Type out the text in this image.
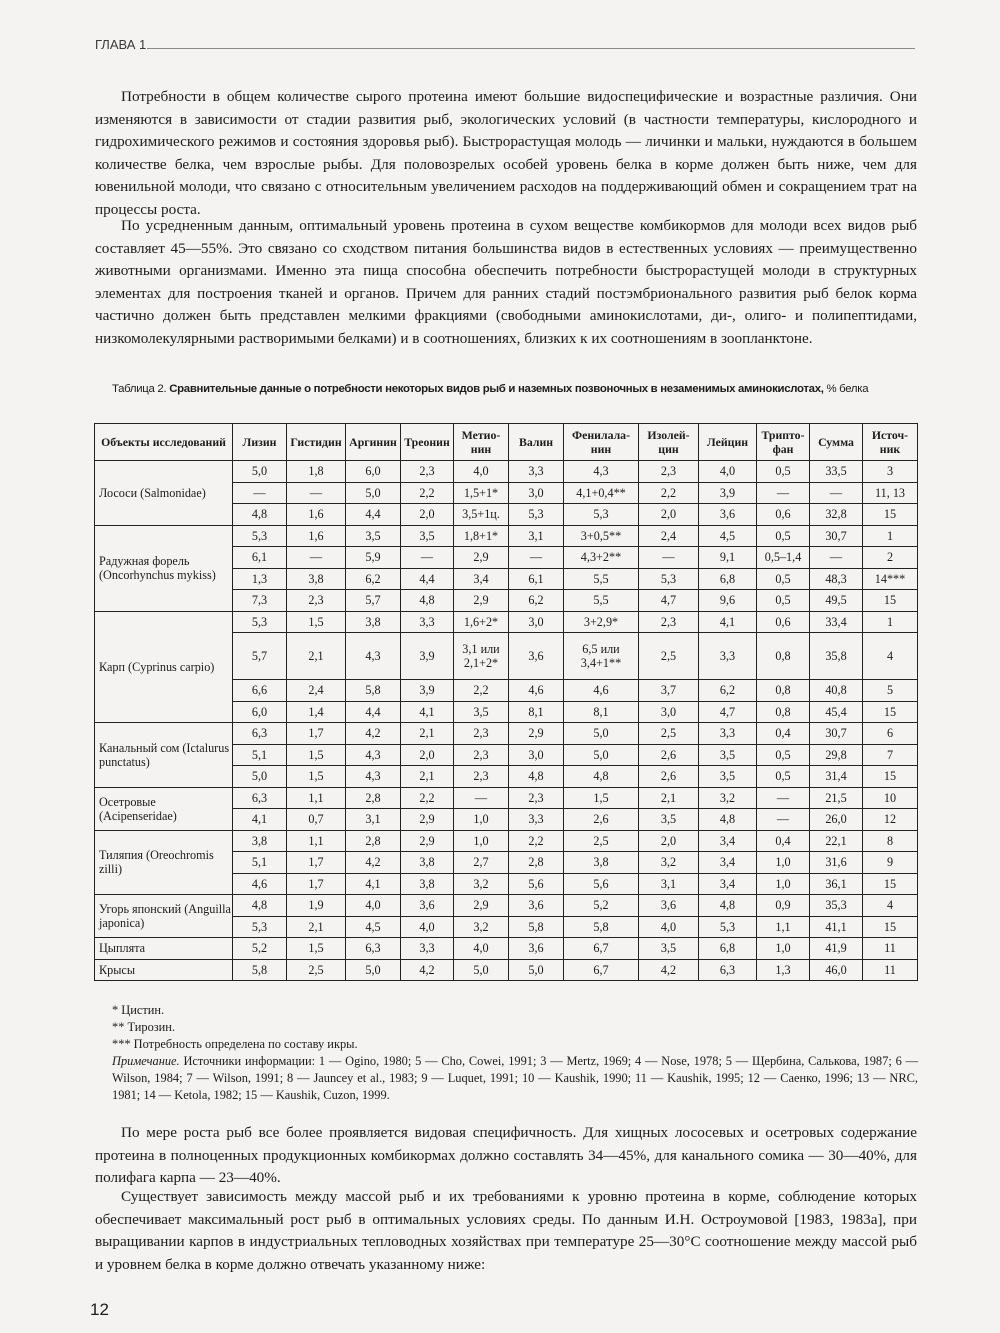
ГЛАВА 1

Потребности в общем количестве сырого протеина имеют большие видоспецифические и возрастные различия. Они изменяются в зависимости от стадии развития рыб, экологических условий (в частности температуры, кислородного и гидрохимического режимов и состояния здоровья рыб). Быстрорастущая молодь — личинки и мальки, нуждаются в большем количестве белка, чем взрослые рыбы. Для половозрелых особей уровень белка в корме должен быть ниже, чем для ювенильной молоди, что связано с относительным увеличением расходов на поддерживающий обмен и сокращением трат на процессы роста.

По усредненным данным, оптимальный уровень протеина в сухом веществе комбикормов для молоди всех видов рыб составляет 45—55%. Это связано со сходством питания большинства видов в естественных условиях — преимущественно животными организмами. Именно эта пища способна обеспечить потребности быстрорастущей молоди в структурных элементах для построения тканей и органов. Причем для ранних стадий постэмбрионального развития рыб белок корма частично должен быть представлен мелкими фракциями (свободными аминокислотами, ди-, олиго- и полипептидами, низкомолекулярными растворимыми белками) и в соотношениях, близких к их соотношениям в зоопланктоне.

Таблица 2. Сравнительные данные о потребности некоторых видов рыб и наземных позвоночных в незаменимых аминокислотах, % белка
Объекты исследований	Лизин	Гистидин	Аргинин	Треонин	Метио-нин	Валин	Фенилала-нин	Изолей-цин	Лейцин	Трипто-фан	Сумма	Источ-ник
Лососи (Salmonidae)	5,0	1,8	6,0	2,3	4,0	3,3	4,3	2,3	4,0	0,5	33,5	3
	—	—	5,0	2,2	1,5+1*	3,0	4,1+0,4**	2,2	3,9	—	—	11, 13
	4,8	1,6	4,4	2,0	3,5+1ц.	5,3	5,3	2,0	3,6	0,6	32,8	15
Радужная форель (Oncorhynchus mykiss)	5,3	1,6	3,5	3,5	1,8+1*	3,1	3+0,5**	2,4	4,5	0,5	30,7	1
	6,1	—	5,9	—	2,9	—	4,3+2**	—	9,1	0,5–1,4	—	2
	1,3	3,8	6,2	4,4	3,4	6,1	5,5	5,3	6,8	0,5	48,3	14***
	7,3	2,3	5,7	4,8	2,9	6,2	5,5	4,7	9,6	0,5	49,5	15
Карп (Cyprinus carpio)	5,3	1,5	3,8	3,3	1,6+2*	3,0	3+2,9*	2,3	4,1	0,6	33,4	1
	5,7	2,1	4,3	3,9	3,1 или 2,1+2*	3,6	6,5 или 3,4+1**	2,5	3,3	0,8	35,8	4
	6,6	2,4	5,8	3,9	2,2	4,6	4,6	3,7	6,2	0,8	40,8	5
	6,0	1,4	4,4	4,1	3,5	8,1	8,1	3,0	4,7	0,8	45,4	15
Канальный сом (Ictalurus punctatus)	6,3	1,7	4,2	2,1	2,3	2,9	5,0	2,5	3,3	0,4	30,7	6
	5,1	1,5	4,3	2,0	2,3	3,0	5,0	2,6	3,5	0,5	29,8	7
	5,0	1,5	4,3	2,1	2,3	4,8	4,8	2,6	3,5	0,5	31,4	15
Осетровые (Acipenseridae)	6,3	1,1	2,8	2,2	—	2,3	1,5	2,1	3,2	—	21,5	10
	4,1	0,7	3,1	2,9	1,0	3,3	2,6	3,5	4,8	—	26,0	12
Тиляпия (Oreochromis zilli)	3,8	1,1	2,8	2,9	1,0	2,2	2,5	2,0	3,4	0,4	22,1	8
	5,1	1,7	4,2	3,8	2,7	2,8	3,8	3,2	3,4	1,0	31,6	9
	4,6	1,7	4,1	3,8	3,2	5,6	5,6	3,1	3,4	1,0	36,1	15
Угорь японский (Anguilla japonica)	4,8	1,9	4,0	3,6	2,9	3,6	5,2	3,6	4,8	0,9	35,3	4
	5,3	2,1	4,5	4,0	3,2	5,8	5,8	4,0	5,3	1,1	41,1	15
Цыплята	5,2	1,5	6,3	3,3	4,0	3,6	6,7	3,5	6,8	1,0	41,9	11
Крысы	5,8	2,5	5,0	4,2	5,0	5,0	6,7	4,2	6,3	1,3	46,0	11

* Цистин.

** Тирозин.

*** Потребность определена по составу икры.

Примечание. Источники информации: 1 — Ogino, 1980; 5 — Cho, Cowei, 1991; 3 — Mertz, 1969; 4 — Nose, 1978; 5 — Щербина, Салькова, 1987; 6 — Wilson, 1984; 7 — Wilson, 1991; 8 — Jauncey et al., 1983; 9 — Luquet, 1991; 10 — Kaushik, 1990; 11 — Kaushik, 1995; 12 — Саенко, 1996; 13 — NRC, 1981; 14 — Ketola, 1982; 15 — Kaushik, Cuzon, 1999.

По мере роста рыб все более проявляется видовая специфичность. Для хищных лососевых и осетровых содержание протеина в полноценных продукционных комбикормах должно составлять 34—45%, для канального сомика — 30—40%, для полифага карпа — 23—40%.

Существует зависимость между массой рыб и их требованиями к уровню протеина в корме, соблюдение которых обеспечивает максимальный рост рыб в оптимальных условиях среды. По данным И.Н. Остроумовой [1983, 1983а], при выращивании карпов в индустриальных тепловодных хозяйствах при температуре 25—30°С соотношение между массой рыб и уровнем белка в корме должно отвечать указанному ниже:

12
